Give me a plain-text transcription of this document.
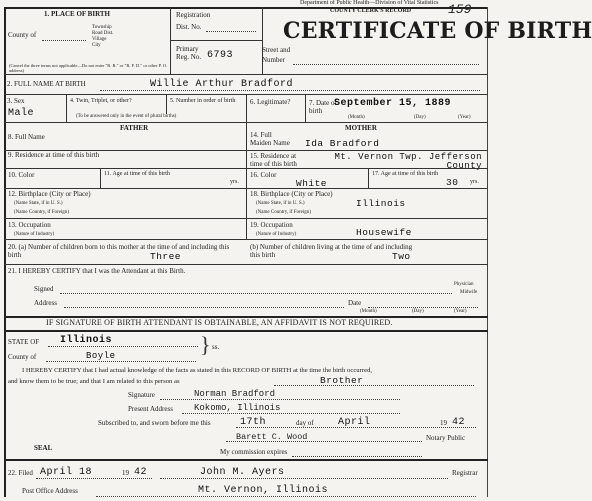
Department of Public Health—Division of Vital Statistics
COUNTY CLERK'S RECORD	159
CERTIFICATE OF BIRTH
1. PLACE OF BIRTH
County of
Township
Road Dist.
Village
City
(Cancel the three terms not applicable—Do not enter "R. R." or "R. F. D." or other P. O. address)
Registration
Dist. No.
Primary
Reg. No. 6793	Street and
Number
2. FULL NAME AT BIRTH	Willie Arthur Bradford
3. Sex
Male
4. Twin, Triplet, or other?	5. Number in order of birth
(To be answered only in the event of plural births)
6. Legitimate?	7. Date of birth
September 15, 1889
(Month)	(Day)	(Year)
FATHER	MOTHER
8. Full Name
9. Residence at time of this birth
10. Color	11. Age at time of this birth
yrs.
12. Birthplace (City or Place)
(Name State, if in U. S.)
(Name Country, if Foreign)
13. Occupation
(Nature of Industry)
14. Full Maiden Name Ida Bradford
15. Residence at time of this birth
Mt. Vernon Twp. Jefferson County
16. Color
White
17. Age at time of this birth
30 yrs.
18. Birthplace (City or Place)
(Name State, if in U. S.)	Illinois
(Name Country, if Foreign)
19. Occupation
(Nature of Industry)	Housewife
20. (a) Number of children born to this mother at the time of and including this birth	Three
(b) Number of children living at the time of and including this birth	Two
21. I HEREBY CERTIFY that I was the Attendant at this Birth.
Signed
Physician
Midwife
Address	Date
(Month)	(Day)	(Year)
IF SIGNATURE OF BIRTH ATTENDANT IS OBTAINABLE, AN AFFIDAVIT IS NOT REQUIRED.
STATE OF Illinois	} ss.
County of	Boyle
I HEREBY CERTIFY that I had actual knowledge of the facts as stated in this RECORD OF BIRTH at the time the birth occurred,
and know them to be true; and that I am related to this person as	Brother
Signature	Norman Bradford
Present Address Kokomo, Illinois
Subscribed to, and sworn before me this	17th	day of April	19 42
Barett C. Wood	Notary Public
SEAL	My commission expires
22. Filed April 18	19 42	John M. Ayers	Registrar
Post Office Address	Mt. Vernon, Illinois
